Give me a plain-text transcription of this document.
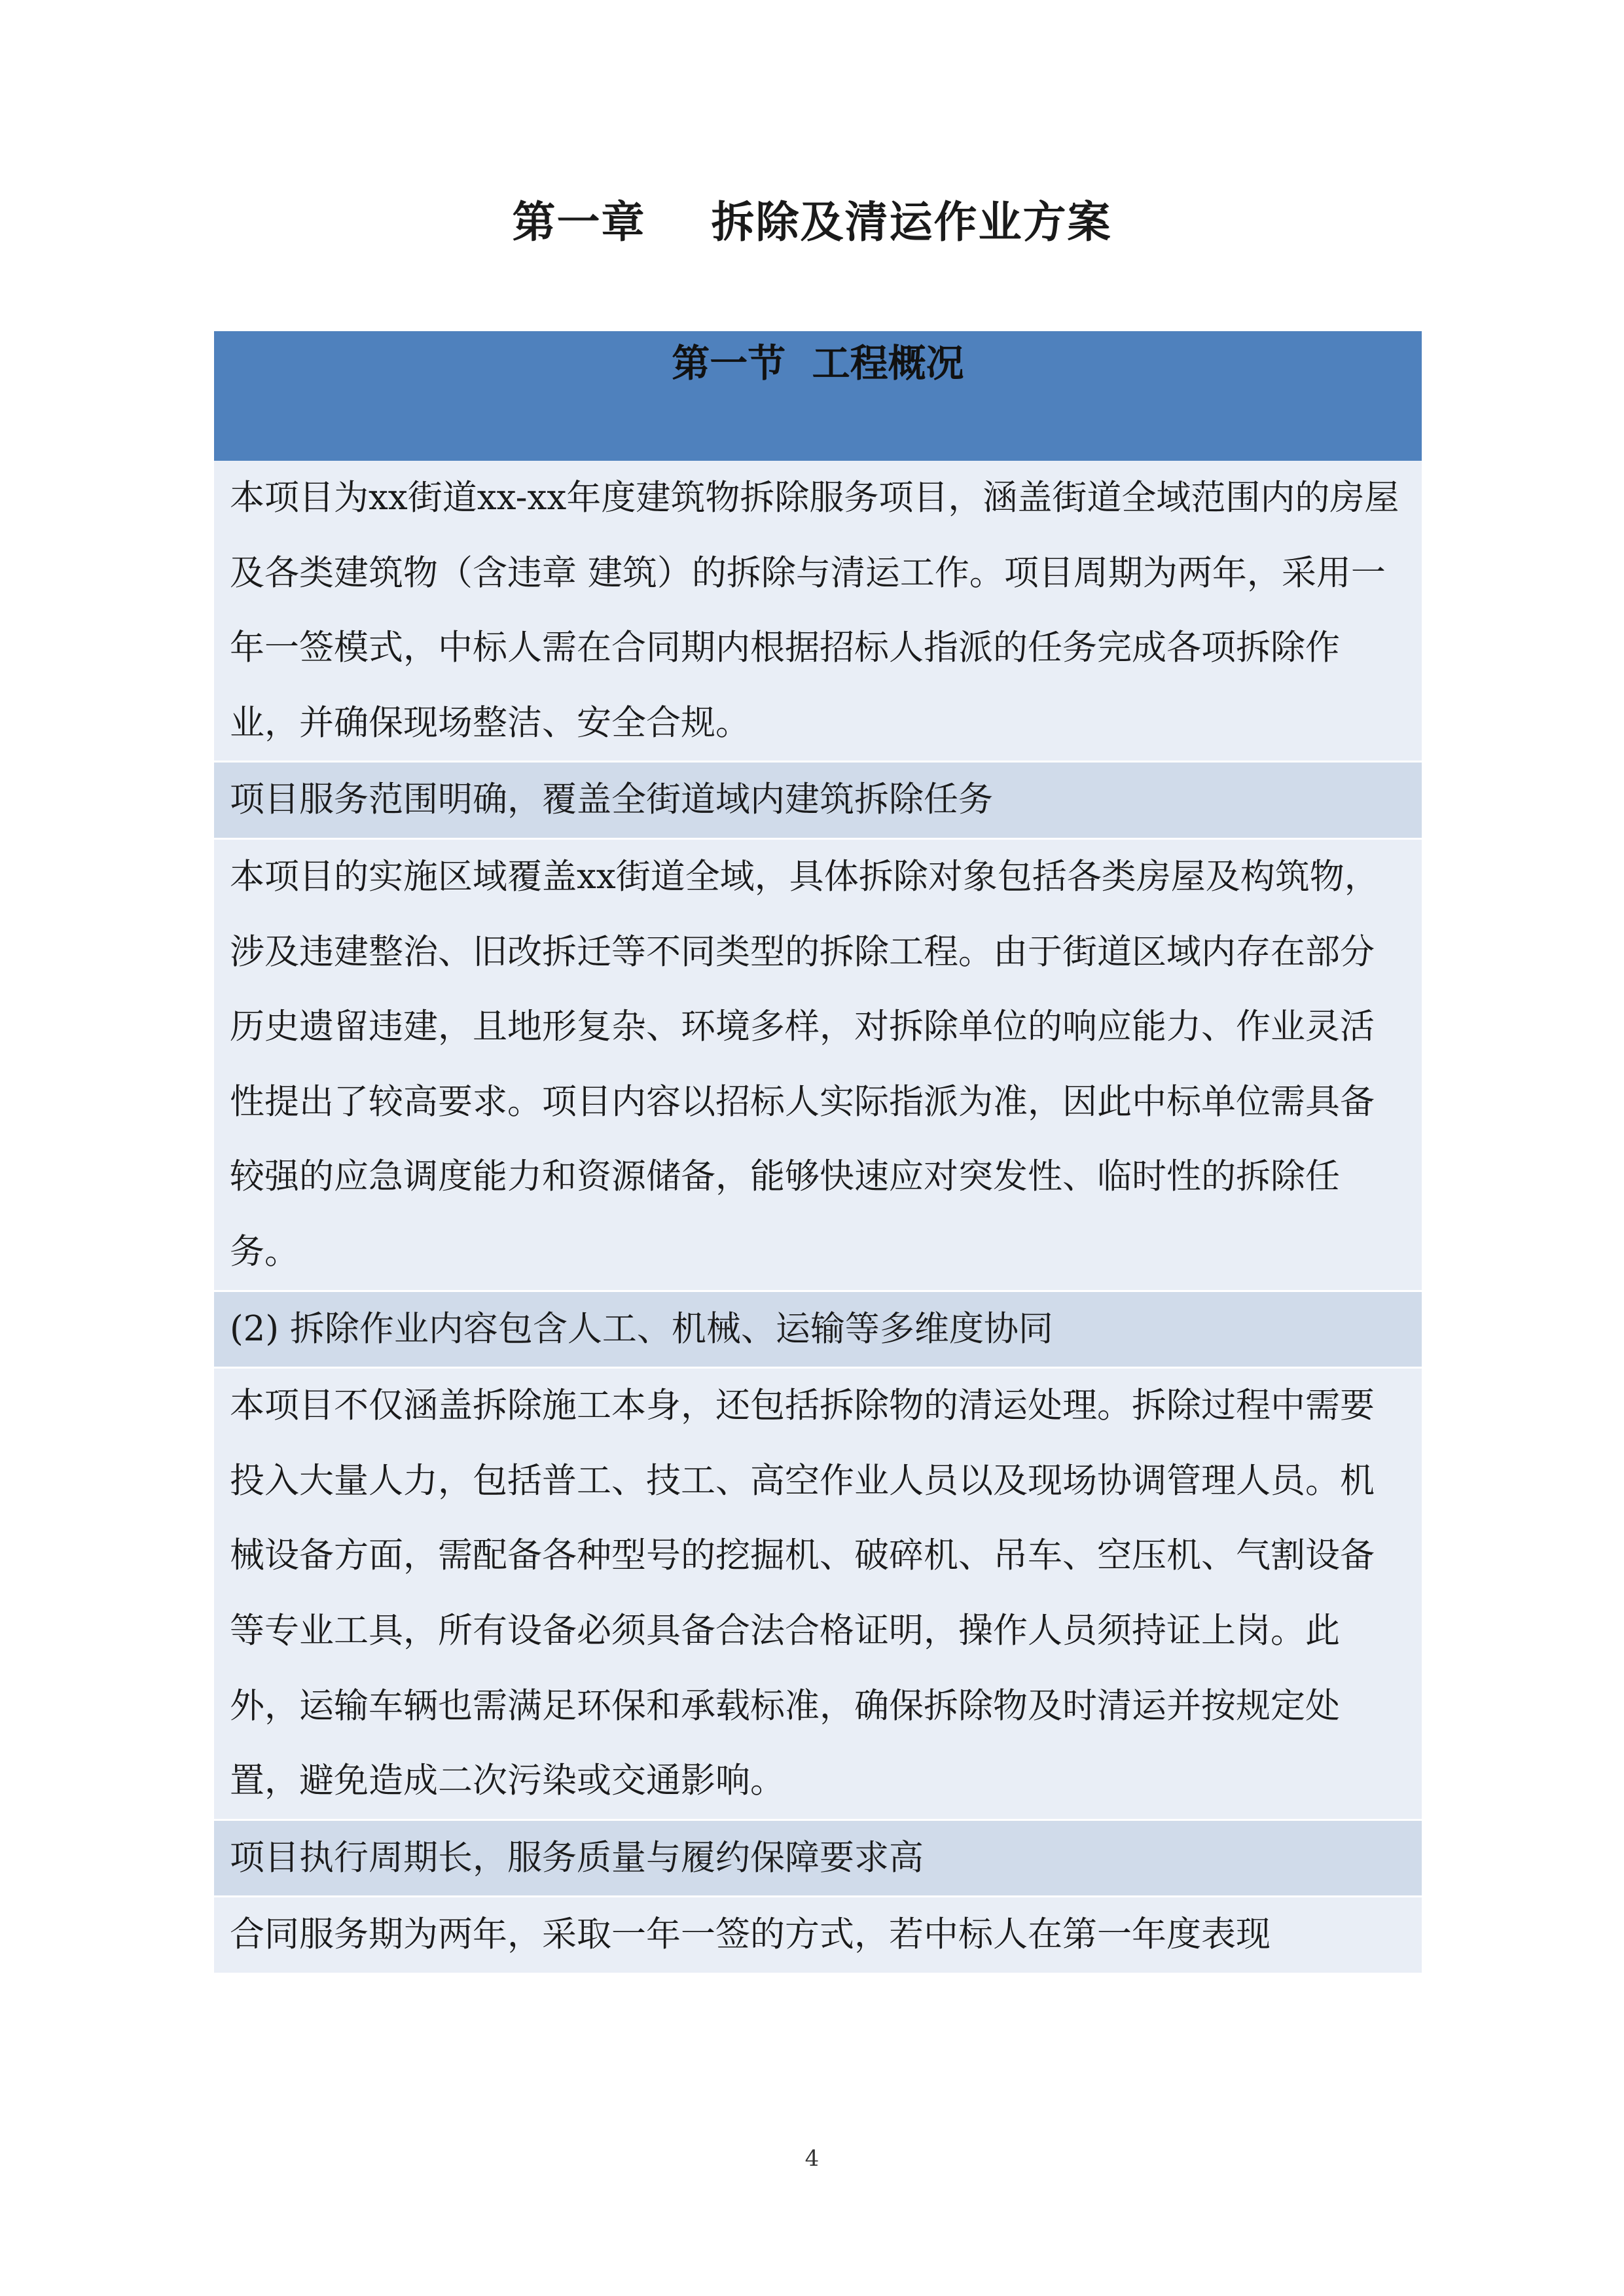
第一章    拆除及清运作业方案
第一节  工程概况

本项目为xx街道xx-xx年度建筑物拆除服务项目，涵盖街道全域范围内的房屋及各类建筑物（含违章 建筑）的拆除与清运工作。项目周期为两年，采用一年一签模式，中标人需在合同期内根据招标人指派的任务完成各项拆除作业，并确保现场整洁、安全合规。

项目服务范围明确，覆盖全街道域内建筑拆除任务

本项目的实施区域覆盖xx街道全域，具体拆除对象包括各类房屋及构筑物，涉及违建整治、旧改拆迁等不同类型的拆除工程。由于街道区域内存在部分历史遗留违建，且地形复杂、环境多样，对拆除单位的响应能力、作业灵活性提出了较高要求。项目内容以招标人实际指派为准，因此中标单位需具备较强的应急调度能力和资源储备，能够快速应对突发性、临时性的拆除任务。

(2) 拆除作业内容包含人工、机械、运输等多维度协同

本项目不仅涵盖拆除施工本身，还包括拆除物的清运处理。拆除过程中需要投入大量人力，包括普工、技工、高空作业人员以及现场协调管理人员。机械设备方面，需配备各种型号的挖掘机、破碎机、吊车、空压机、气割设备等专业工具，所有设备必须具备合法合格证明，操作人员须持证上岗。此外，运输车辆也需满足环保和承载标准，确保拆除物及时清运并按规定处置，避免造成二次污染或交通影响。

项目执行周期长，服务质量与履约保障要求高

合同服务期为两年，采取一年一签的方式，若中标人在第一年度表现

4
